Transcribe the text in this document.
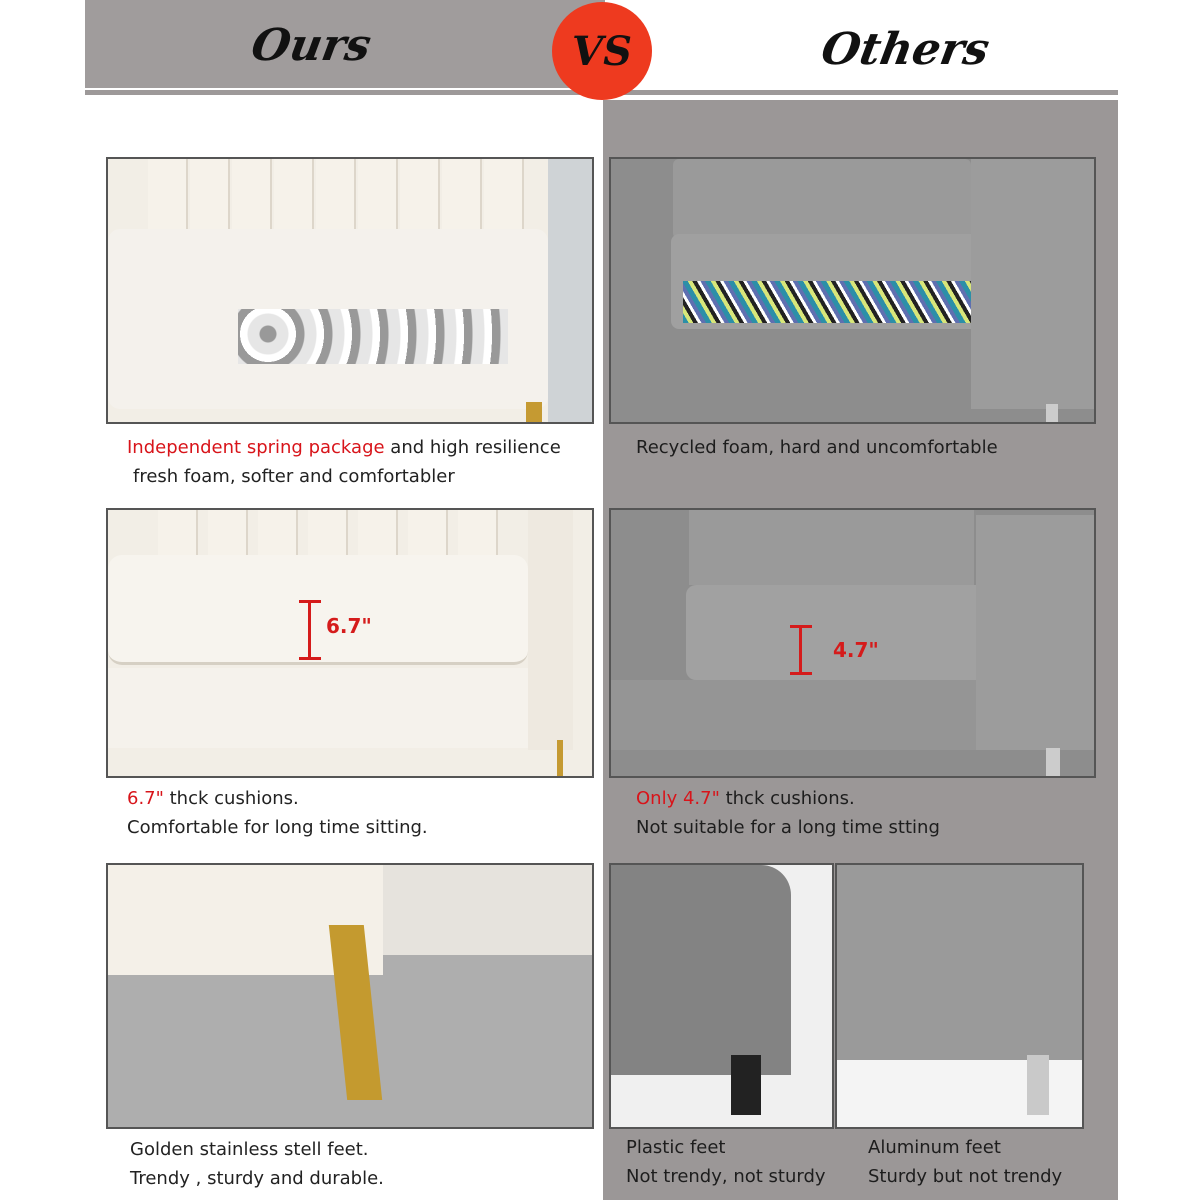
Ours	Others
VS
Independent spring package and high resilience
fresh foam, softer and comfortabler
6.7"
6.7" thck cushions.
Comfortable for long time sitting.
Golden stainless stell feet.
Trendy , sturdy and durable.
Recycled foam, hard and uncomfortable
4.7"
Only 4.7" thck cushions.
Not suitable for a long time stting
Plastic feet
Not trendy, not sturdy
Aluminum feet
Sturdy but not trendy
